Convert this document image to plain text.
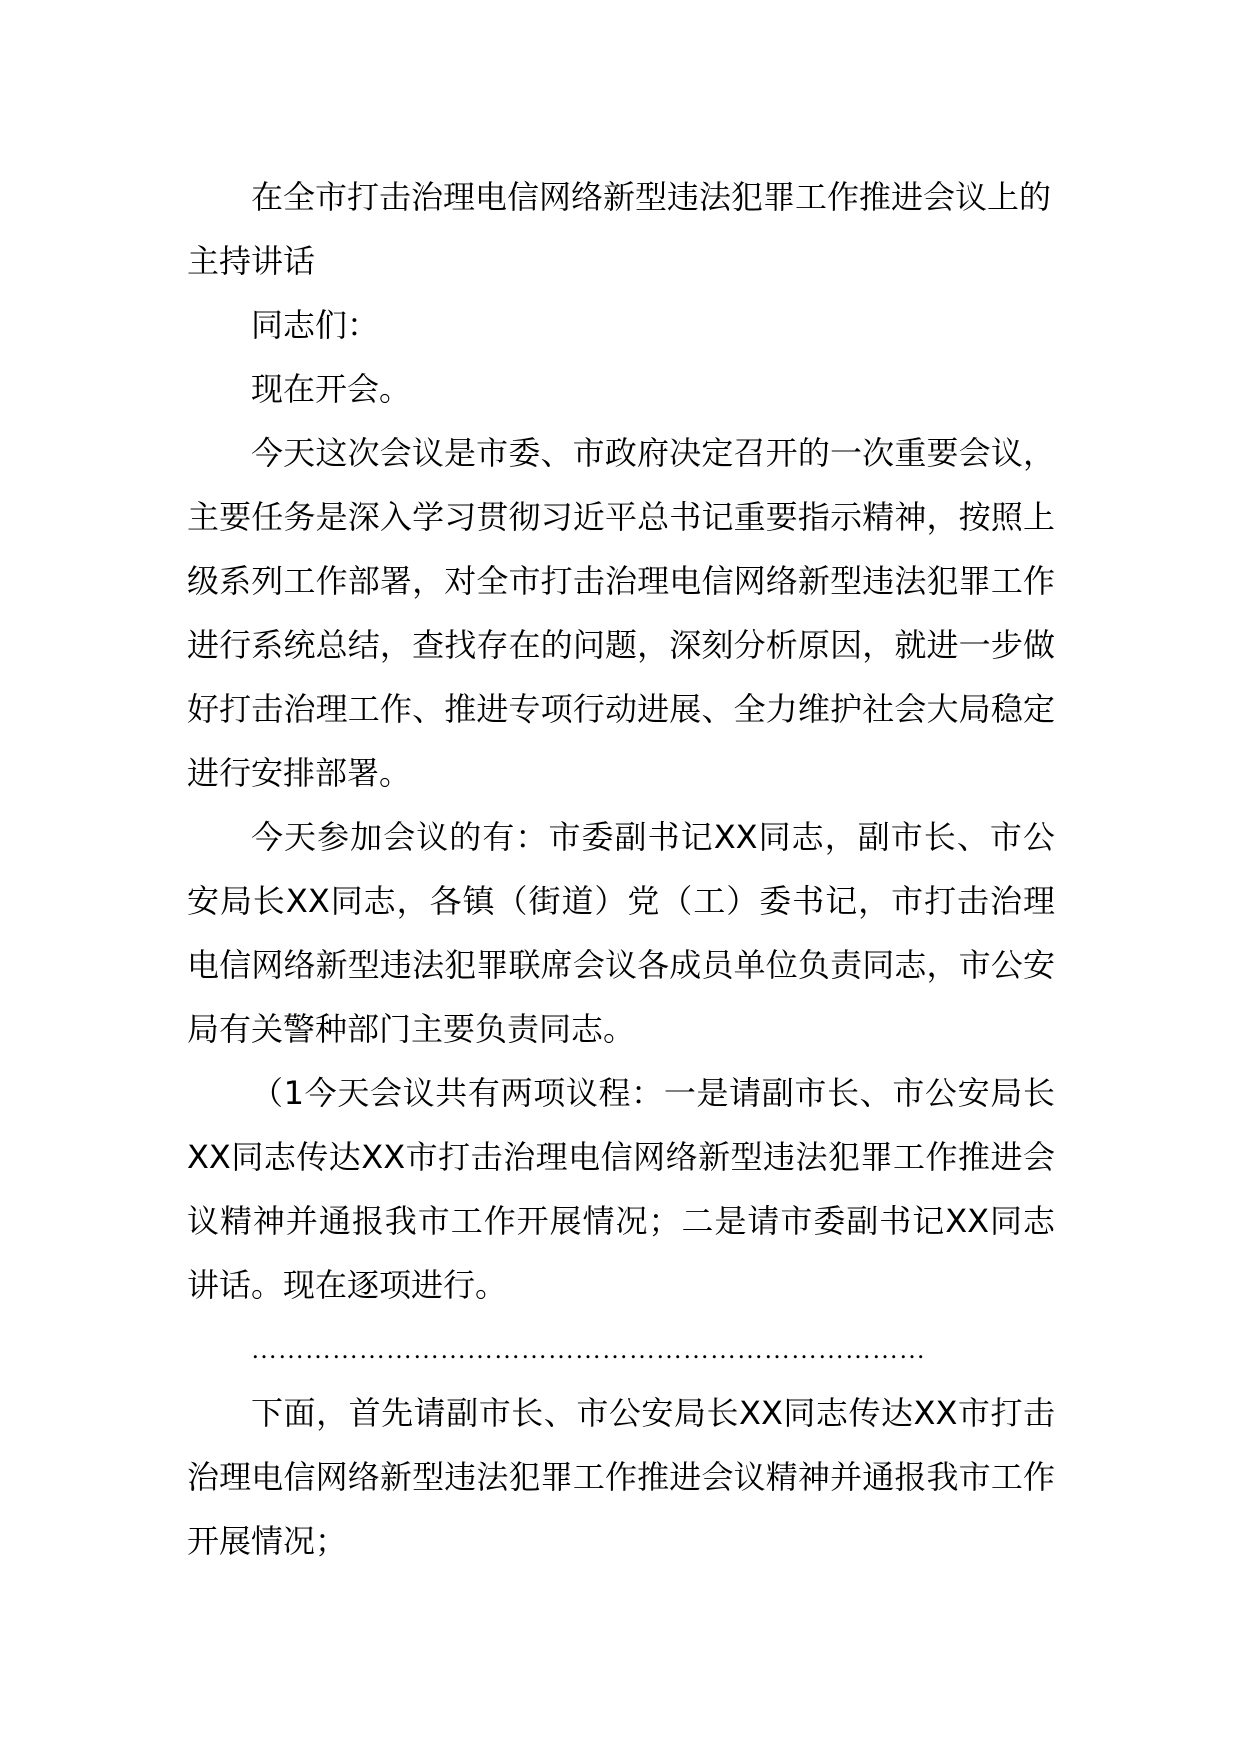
在全市打击治理电信网络新型违法犯罪工作推进会议上的主持讲话

同志们：

现在开会。

今天这次会议是市委、市政府决定召开的一次重要会议，主要任务是深入学习贯彻习近平总书记重要指示精神，按照上级系列工作部署，对全市打击治理电信网络新型违法犯罪工作进行系统总结，查找存在的问题，深刻分析原因，就进一步做好打击治理工作、推进专项行动进展、全力维护社会大局稳定进行安排部署。

今天参加会议的有：市委副书记XX同志，副市长、市公安局长XX同志，各镇（街道）党（工）委书记，市打击治理电信网络新型违法犯罪联席会议各成员单位负责同志，市公安局有关警种部门主要负责同志。

（1今天会议共有两项议程：一是请副市长、市公安局长XX同志传达XX市打击治理电信网络新型违法犯罪工作推进会议精神并通报我市工作开展情况；二是请市委副书记XX同志讲话。现在逐项进行。

…………………………………………………………………

下面，首先请副市长、市公安局长XX同志传达XX市打击治理电信网络新型违法犯罪工作推进会议精神并通报我市工作开展情况；
